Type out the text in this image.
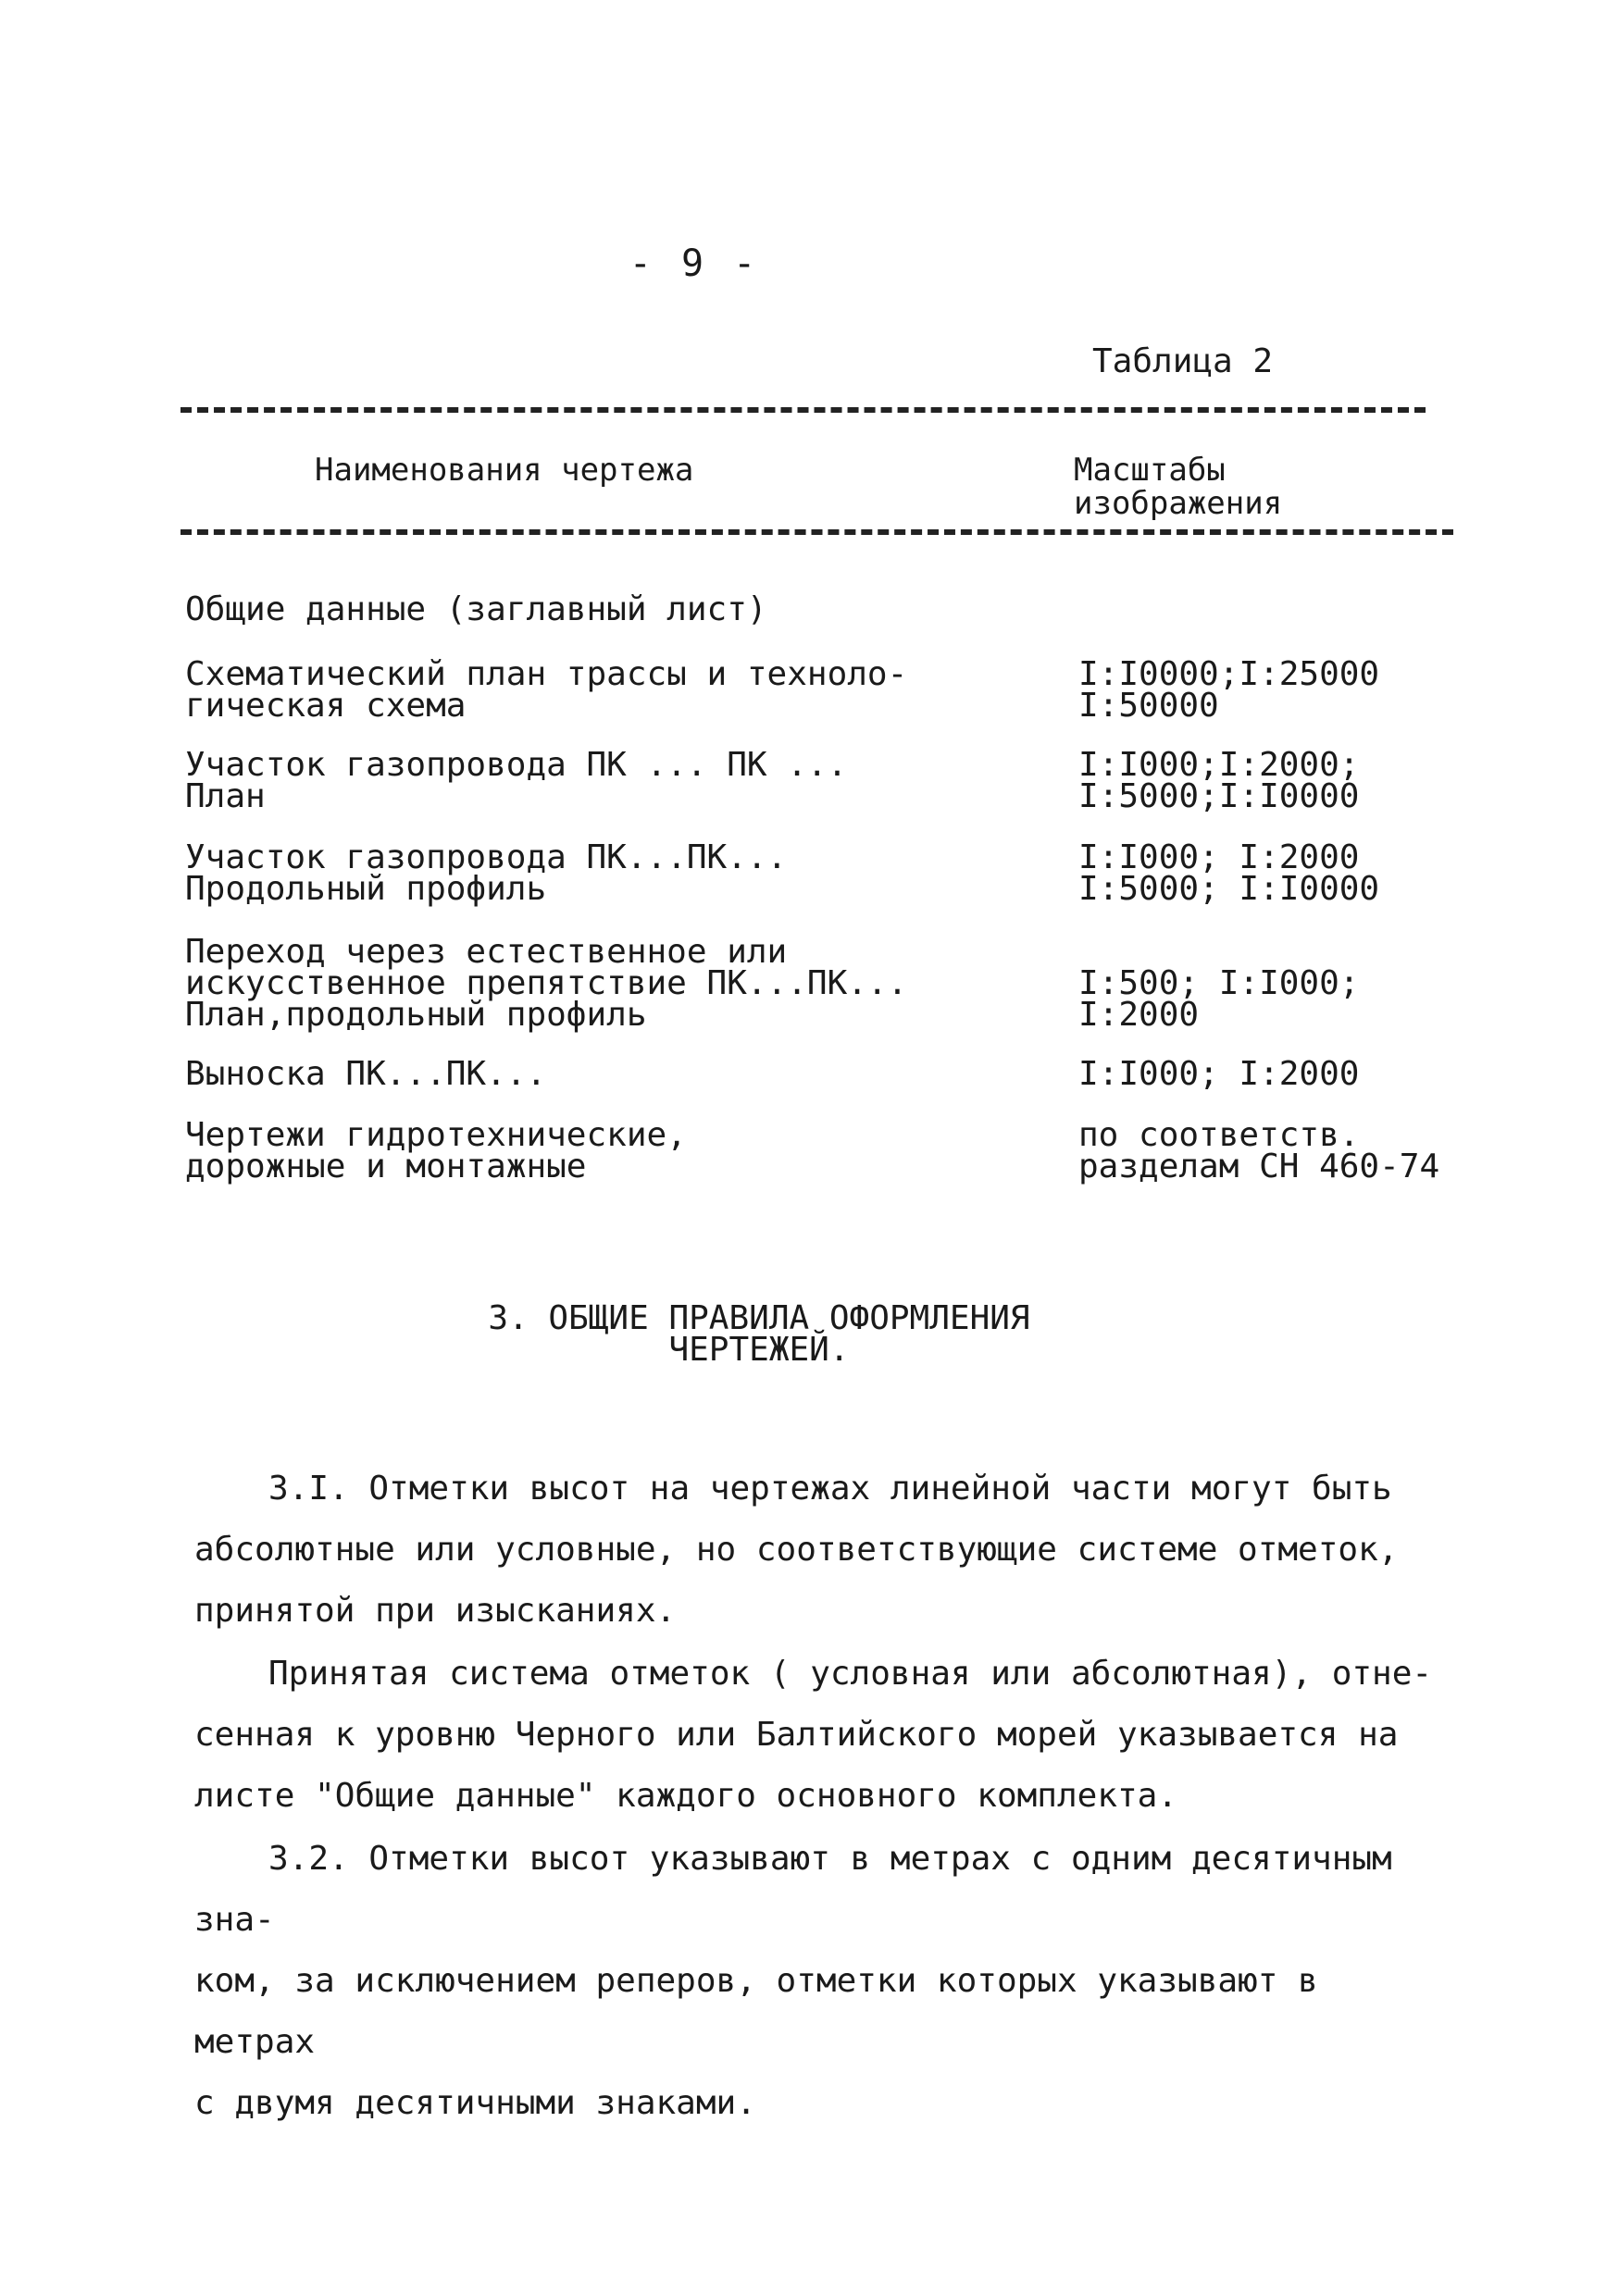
- 9 -
Таблица 2
Наименования чертежа	Масштабы
изображения
Общие данные (заглавный лист)
Схематический план трассы и техноло-
гическая схема
I:I0000;I:25000
I:50000
Участок газопровода ПК ... ПК ...
План
I:I000;I:2000;
I:5000;I:I0000
Участок газопровода ПК...ПК...
Продольный профиль
I:I000; I:2000
I:5000; I:I0000
Переход через естественное или
искусственное препятствие ПК...ПК...
План,продольный профиль

I:500; I:I000;
I:2000
Выноска ПК...ПК...	I:I000; I:2000
Чертежи гидротехнические,
дорожные и монтажные
по соответств.
разделам СН 460-74
3. ОБЩИЕ ПРАВИЛА ОФОРМЛЕНИЯ
ЧЕРТЕЖЕЙ.

3.I. Отметки высот на чертежах линейной части могут быть
абсолютные или условные, но соответствующие системе отметок,
принятой при изысканиях.

Принятая система отметок ( условная или абсолютная), отне-
сенная к уровню Черного или Балтийского морей указывается на
листе "Общие данные" каждого основного комплекта.

3.2. Отметки высот указывают в метрах с одним десятичным зна-
ком, за исключением реперов, отметки которых указывают в метрах
с двумя десятичными знаками.
